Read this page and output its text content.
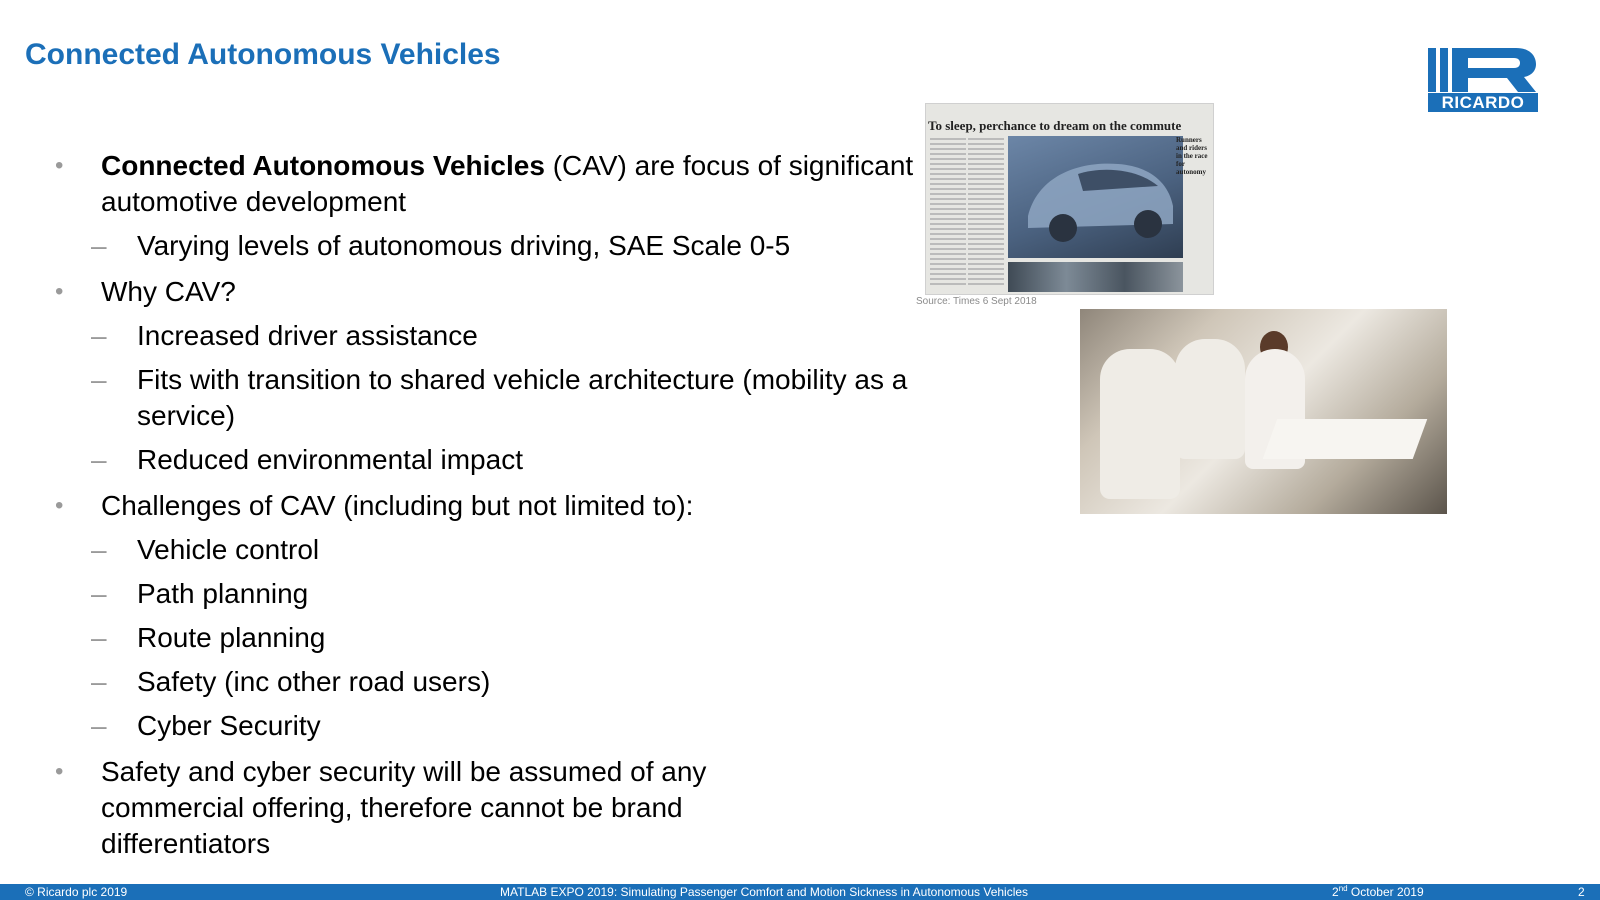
Connected Autonomous Vehicles
RICARDO
• Connected Autonomous Vehicles (CAV) are focus of significant automotive development
– Varying levels of autonomous driving, SAE Scale 0-5
• Why CAV?
– Increased driver assistance
– Fits with transition to shared vehicle architecture (mobility as a service)
– Reduced environmental impact
• Challenges of CAV (including but not limited to):
– Vehicle control
– Path planning
– Route planning
– Safety (inc other road users)
– Cyber Security
• Safety and cyber security will be assumed of any commercial offering, therefore cannot be brand differentiators
To sleep, perchance to dream on the commute
Runners and riders in the race for autonomy
Source: Times 6 Sept 2018
© Ricardo plc 2019	MATLAB EXPO 2019: Simulating Passenger Comfort and Motion Sickness in Autonomous Vehicles	2nd October 2019	2
